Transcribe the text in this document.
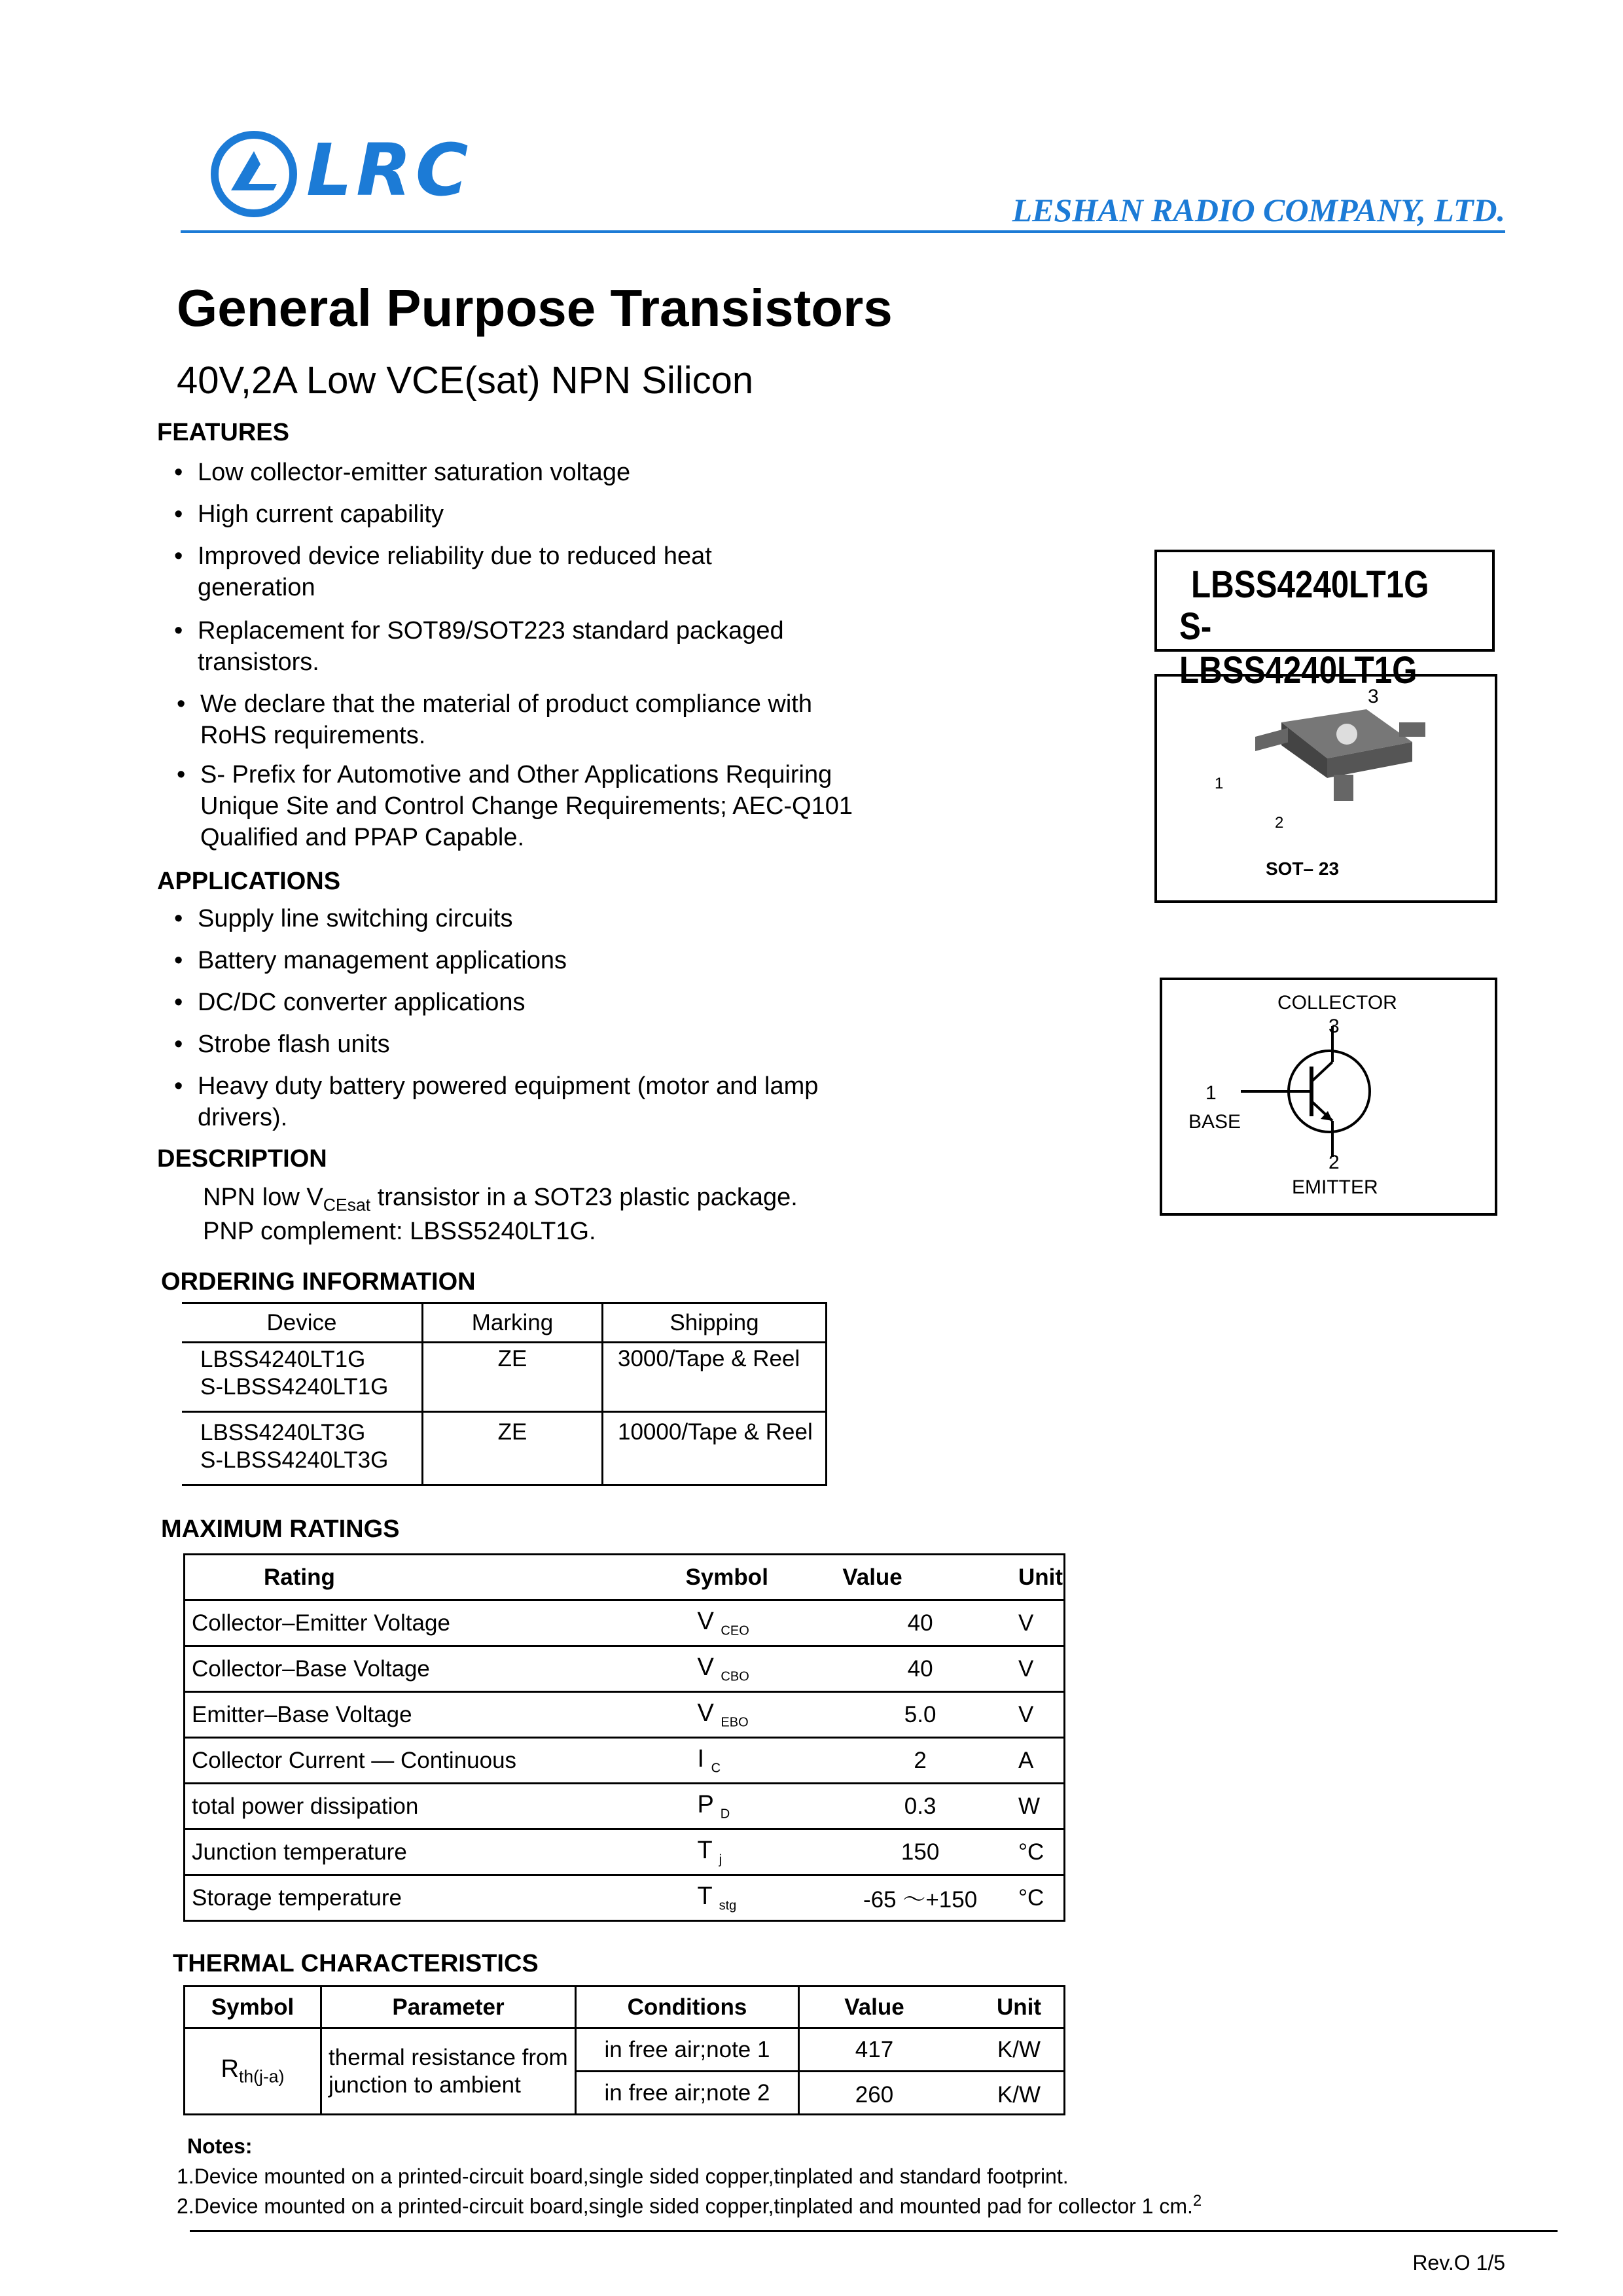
LRC	LESHAN RADIO COMPANY, LTD.
General Purpose Transistors
40V,2A Low VCE(sat) NPN Silicon
FEATURES
• Low collector-emitter saturation voltage
• High current capability
• Improved device reliability due to reduced heat
generation
• Replacement for SOT89/SOT223 standard packaged
transistors.
• We declare that the material of product compliance with
RoHS requirements.
• S- Prefix for Automotive and Other Applications Requiring
Unique Site and Control Change Requirements; AEC-Q101
Qualified and PPAP Capable.
APPLICATIONS
• Supply line switching circuits
• Battery management applications
• DC/DC converter applications
• Strobe flash units
• Heavy duty battery powered equipment (motor and lamp
drivers).
DESCRIPTION
NPN low $V_{CEsat}$ transistor in a SOT23 plastic package.
PNP complement: LBSS5240LT1G.
LBSS4240LT1G
S-LBSS4240LT1G
3
1
2
SOT– 23
COLLECTOR
3
1
BASE
2
EMITTER
ORDERING INFORMATION
Device	Marking	Shipping
LBSS4240LT1G
S-LBSS4240LT1G	ZE	3000/Tape & Reel
LBSS4240LT3G
S-LBSS4240LT3G	ZE	10000/Tape & Reel
MAXIMUM RATINGS
Rating	Symbol	Value	Unit
Collector–Emitter Voltage	V $_{CEO}$	40	V
Collector–Base Voltage	V $_{CBO}$	40	V
Emitter–Base Voltage	V $_{EBO}$	5.0	V
Collector Current — Continuous	I $_C$	2	A
total power dissipation	P $_D$	0.3	W
Junction temperature	T $_j$	150	°C
Storage temperature	T $_{stg}$	-65 ～+150	°C
THERMAL CHARACTERISTICS
Symbol	Parameter	Conditions	Value	Unit
$R_{th(j-a)}$	thermal resistance from
junction to ambient	in free air;note 1	417	K/W
		in free air;note 2	260	K/W
Notes:
1.Device mounted on a printed-circuit board,single sided copper,tinplated and standard footprint.
2.Device mounted on a printed-circuit board,single sided copper,tinplated and mounted pad for collector 1 cm.$^2$
Rev.O 1/5
